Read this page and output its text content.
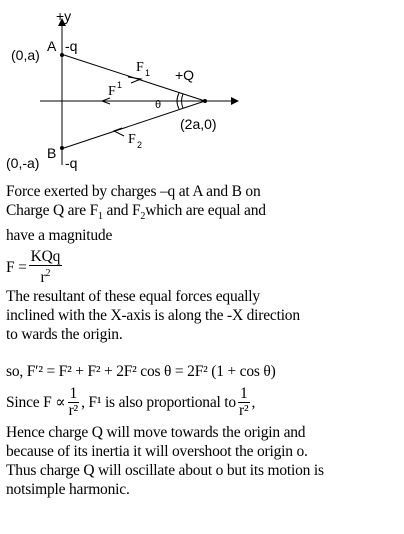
+y
(0,a)
A -q
(0,-a)
B
-q
+Q
(2a,0)
F 1
F 2
F 1
θ
Force exerted by charges –q at A and B on
Charge Q are $F_1$ and $F_2which$ are equal and
have a magnitude
$F = \frac{\text{KQq}}{r^2}$
The resultant of these equal forces equally
inclined with the X-axis is along the -X direction
to wards the origin.
so, F′² = F² + F² + 2F² cos θ = 2F² (1 + cos θ)
Since $F \propto \frac{1}{\text{r²}}$ , F¹ is also proportional to $\frac{1}{\text{r²}}$ ,
Hence charge Q will move towards the origin and
because of its inertia it will overshoot the origin o.
Thus charge Q will oscillate about o but its motion is
notsimple harmonic.
